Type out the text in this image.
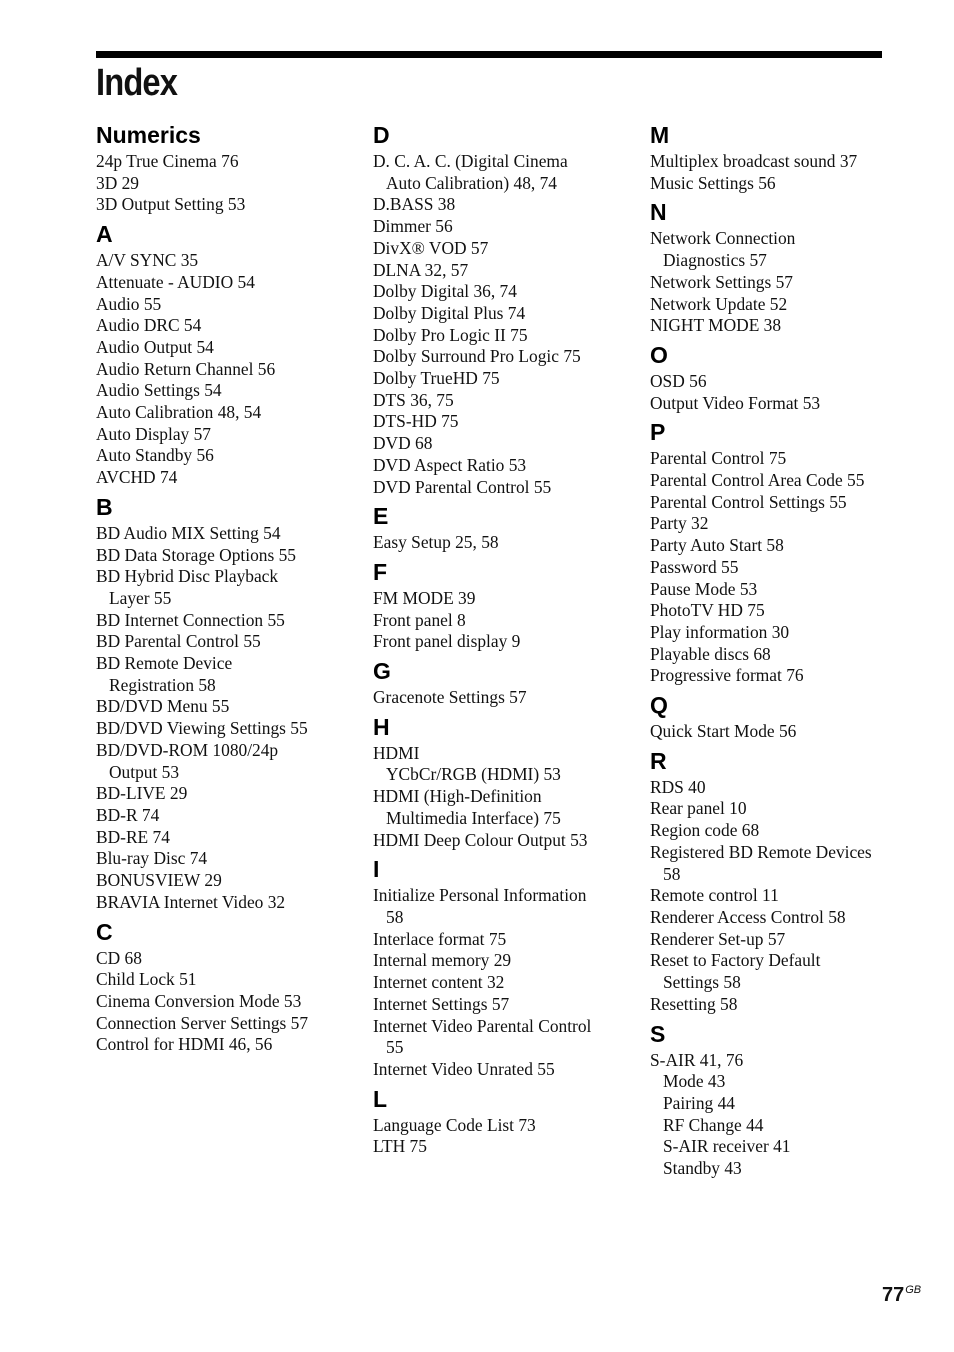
Index
Numerics
24p True Cinema 76
3D 29
3D Output Setting 53
A
A/V SYNC 35
Attenuate - AUDIO 54
Audio 55
Audio DRC 54
Audio Output 54
Audio Return Channel 56
Audio Settings 54
Auto Calibration 48, 54
Auto Display 57
Auto Standby 56
AVCHD 74
B
BD Audio MIX Setting 54
BD Data Storage Options 55
BD Hybrid Disc Playback
Layer 55
BD Internet Connection 55
BD Parental Control 55
BD Remote Device
Registration 58
BD/DVD Menu 55
BD/DVD Viewing Settings 55
BD/DVD-ROM 1080/24p
Output 53
BD-LIVE 29
BD-R 74
BD-RE 74
Blu-ray Disc 74
BONUSVIEW 29
BRAVIA Internet Video 32
C
CD 68
Child Lock 51
Cinema Conversion Mode 53
Connection Server Settings 57
Control for HDMI 46, 56
D
D. C. A. C. (Digital Cinema
Auto Calibration) 48, 74
D.BASS 38
Dimmer 56
DivX® VOD 57
DLNA 32, 57
Dolby Digital 36, 74
Dolby Digital Plus 74
Dolby Pro Logic II 75
Dolby Surround Pro Logic 75
Dolby TrueHD 75
DTS 36, 75
DTS-HD 75
DVD 68
DVD Aspect Ratio 53
DVD Parental Control 55
E
Easy Setup 25, 58
F
FM MODE 39
Front panel 8
Front panel display 9
G
Gracenote Settings 57
H
HDMI
YCbCr/RGB (HDMI) 53
HDMI (High-Definition
Multimedia Interface) 75
HDMI Deep Colour Output 53
I
Initialize Personal Information
58
Interlace format 75
Internal memory 29
Internet content 32
Internet Settings 57
Internet Video Parental Control
55
Internet Video Unrated 55
L
Language Code List 73
LTH 75
M
Multiplex broadcast sound 37
Music Settings 56
N
Network Connection
Diagnostics 57
Network Settings 57
Network Update 52
NIGHT MODE 38
O
OSD 56
Output Video Format 53
P
Parental Control 75
Parental Control Area Code 55
Parental Control Settings 55
Party 32
Party Auto Start 58
Password 55
Pause Mode 53
PhotoTV HD 75
Play information 30
Playable discs 68
Progressive format 76
Q
Quick Start Mode 56
R
RDS 40
Rear panel 10
Region code 68
Registered BD Remote Devices
58
Remote control 11
Renderer Access Control 58
Renderer Set-up 57
Reset to Factory Default
Settings 58
Resetting 58
S
S-AIR 41, 76
Mode 43
Pairing 44
RF Change 44
S-AIR receiver 41
Standby 43
$77^{GB}$
